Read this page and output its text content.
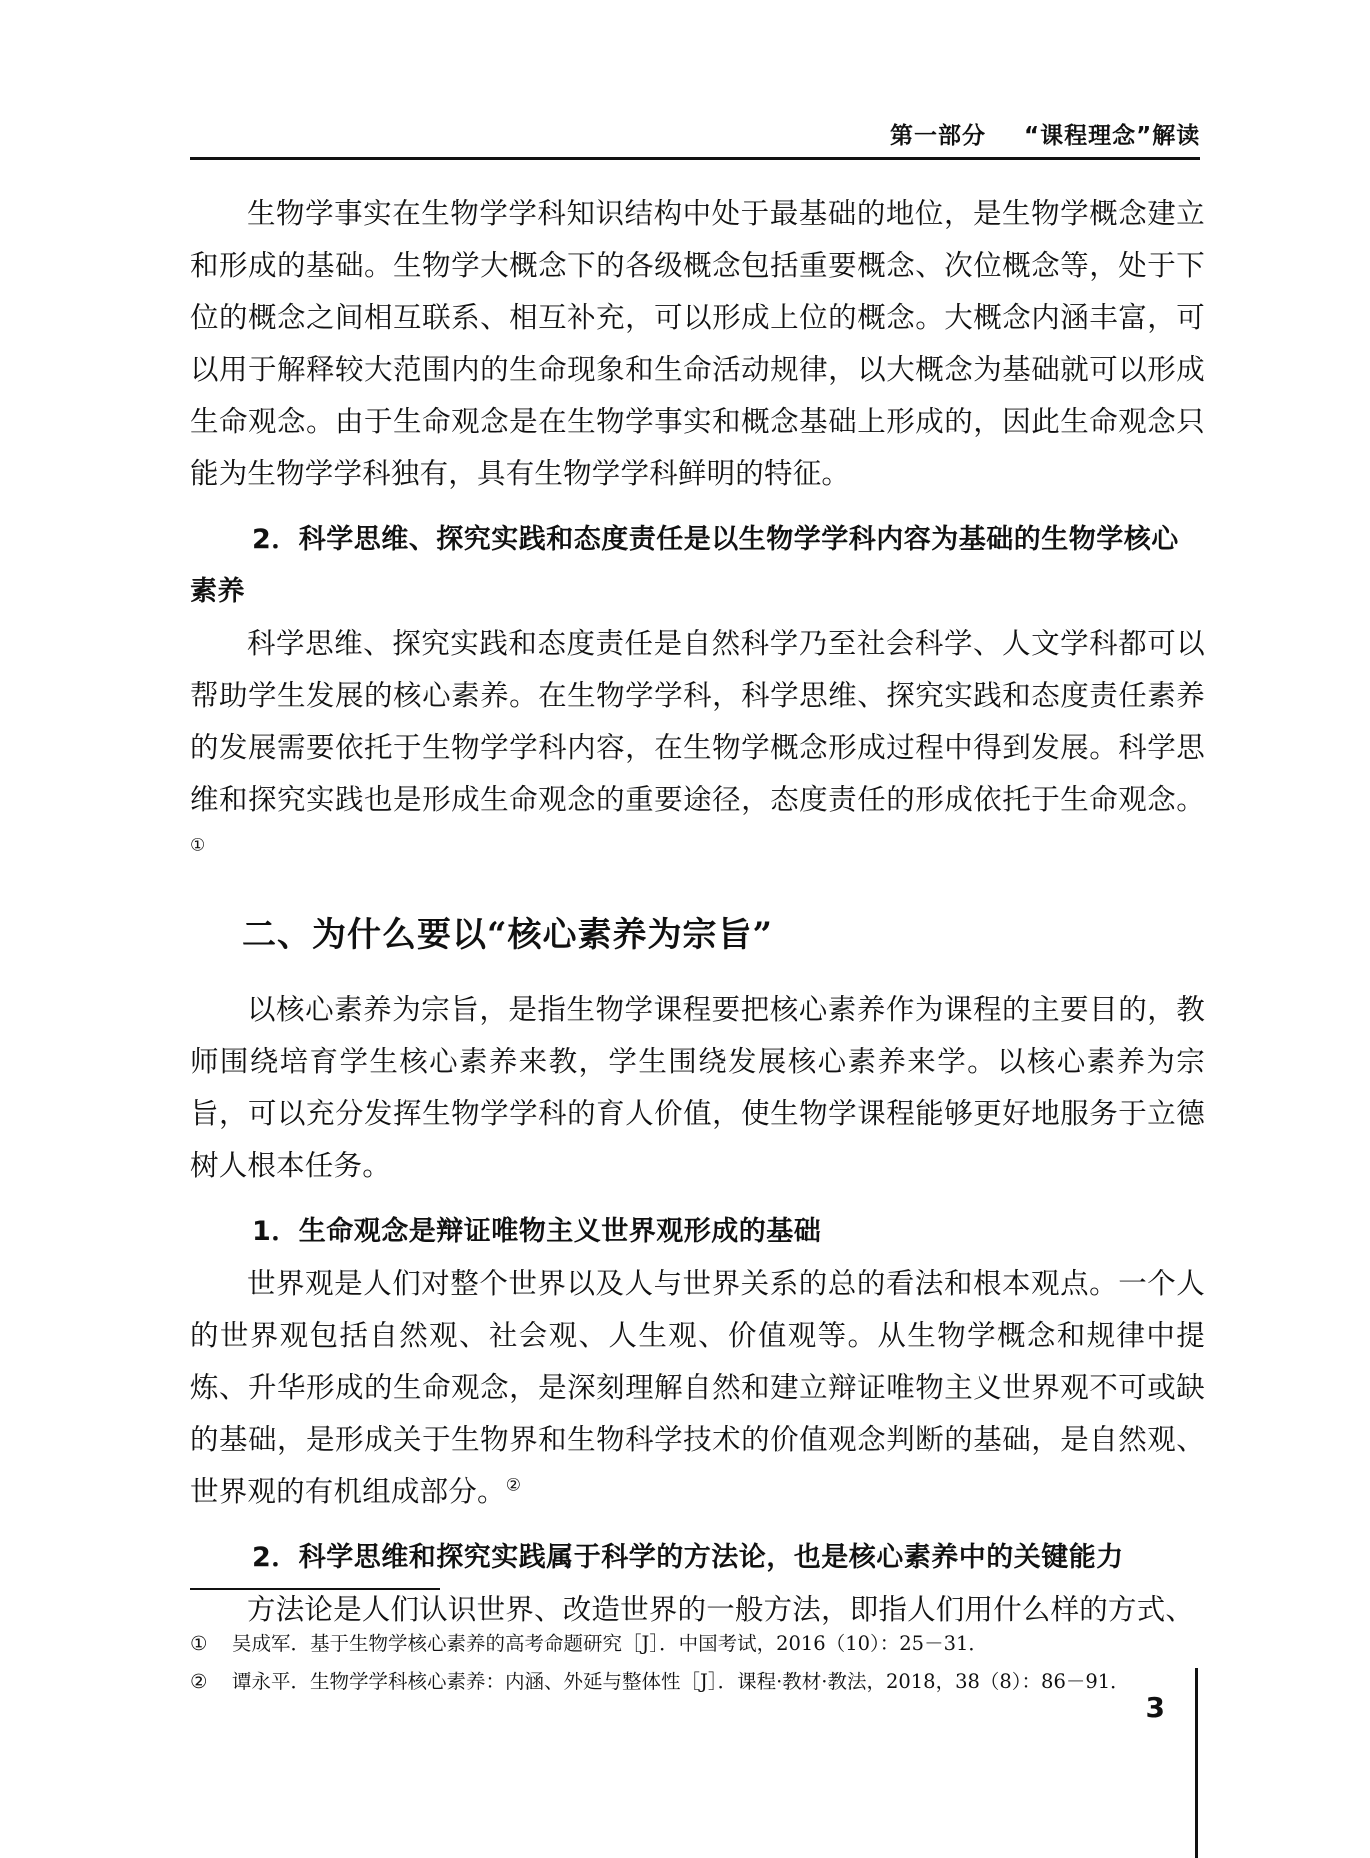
第一部分 “课程理念”解读

生物学事实在生物学学科知识结构中处于最基础的地位，是生物学概念建立和形成的基础。生物学大概念下的各级概念包括重要概念、次位概念等，处于下位的概念之间相互联系、相互补充，可以形成上位的概念。大概念内涵丰富，可以用于解释较大范围内的生命现象和生命活动规律，以大概念为基础就可以形成生命观念。由于生命观念是在生物学事实和概念基础上形成的，因此生命观念只能为生物学学科独有，具有生物学学科鲜明的特征。

2．科学思维、探究实践和态度责任是以生物学学科内容为基础的生物学核心素养

科学思维、探究实践和态度责任是自然科学乃至社会科学、人文学科都可以帮助学生发展的核心素养。在生物学学科，科学思维、探究实践和态度责任素养的发展需要依托于生物学学科内容，在生物学概念形成过程中得到发展。科学思维和探究实践也是形成生命观念的重要途径，态度责任的形成依托于生命观念。①

二、为什么要以“核心素养为宗旨”

以核心素养为宗旨，是指生物学课程要把核心素养作为课程的主要目的，教师围绕培育学生核心素养来教，学生围绕发展核心素养来学。以核心素养为宗旨，可以充分发挥生物学学科的育人价值，使生物学课程能够更好地服务于立德树人根本任务。

1．生命观念是辩证唯物主义世界观形成的基础

世界观是人们对整个世界以及人与世界关系的总的看法和根本观点。一个人的世界观包括自然观、社会观、人生观、价值观等。从生物学概念和规律中提炼、升华形成的生命观念，是深刻理解自然和建立辩证唯物主义世界观不可或缺的基础，是形成关于生物界和生物科学技术的价值观念判断的基础，是自然观、世界观的有机组成部分。②

2．科学思维和探究实践属于科学的方法论，也是核心素养中的关键能力

方法论是人们认识世界、改造世界的一般方法，即指人们用什么样的方式、

① 吴成军．基于生物学核心素养的高考命题研究［J］．中国考试，2016（10）：25－31．
② 谭永平．生物学学科核心素养：内涵、外延与整体性［J］．课程·教材·教法，2018，38（8）：86－91．
3
